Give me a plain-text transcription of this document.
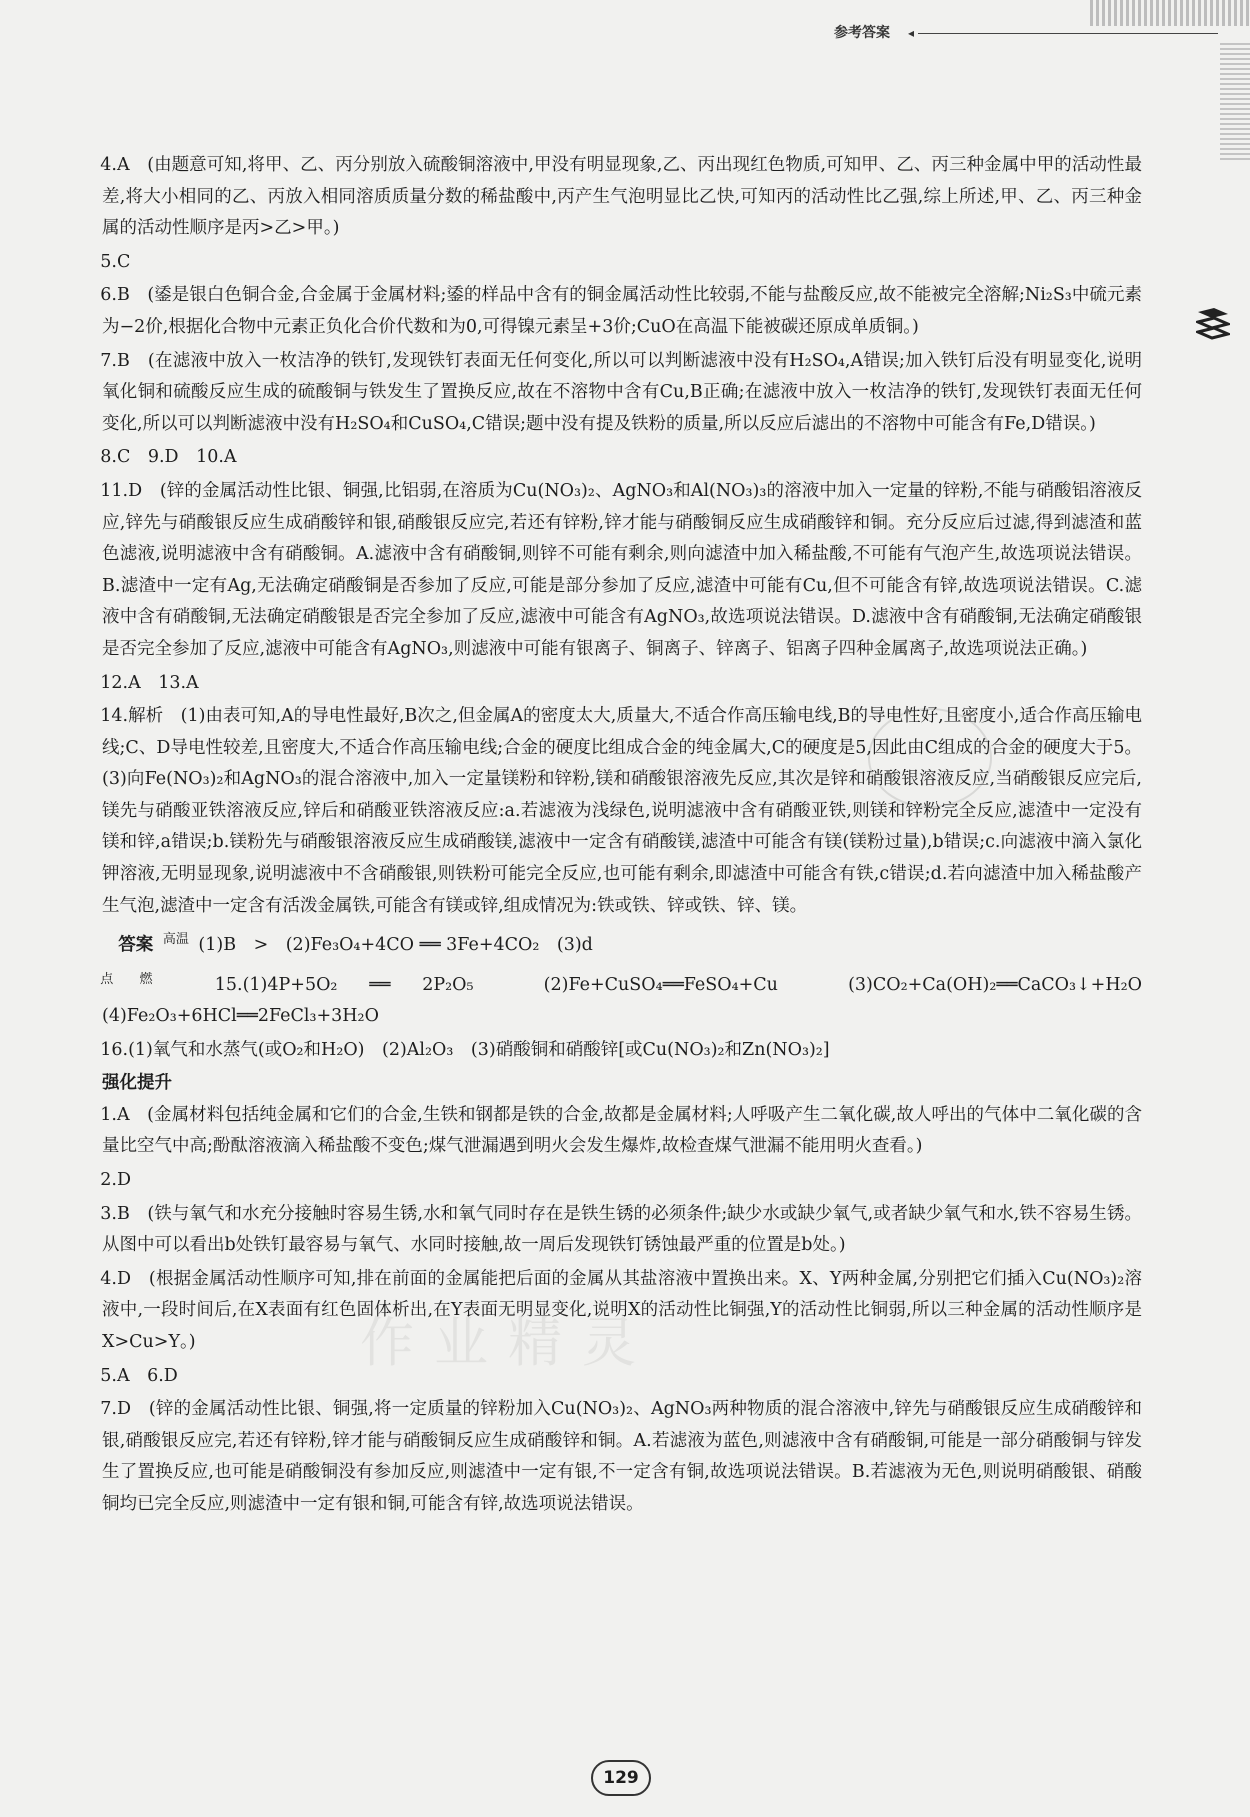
参考答案 ◂

4.A　(由题意可知,将甲、乙、丙分别放入硫酸铜溶液中,甲没有明显现象,乙、丙出现红色物质,可知甲、乙、丙三种金属中甲的活动性最差,将大小相同的乙、丙放入相同溶质质量分数的稀盐酸中,丙产生气泡明显比乙快,可知丙的活动性比乙强,综上所述,甲、乙、丙三种金属的活动性顺序是丙>乙>甲。)

5.C

6.B　(鋈是银白色铜合金,合金属于金属材料;鋈的样品中含有的铜金属活动性比较弱,不能与盐酸反应,故不能被完全溶解;Ni₂S₃中硫元素为−2价,根据化合物中元素正负化合价代数和为0,可得镍元素呈+3价;CuO在高温下能被碳还原成单质铜。)

7.B　(在滤液中放入一枚洁净的铁钉,发现铁钉表面无任何变化,所以可以判断滤液中没有H₂SO₄,A错误;加入铁钉后没有明显变化,说明氧化铜和硫酸反应生成的硫酸铜与铁发生了置换反应,故在不溶物中含有Cu,B正确;在滤液中放入一枚洁净的铁钉,发现铁钉表面无任何变化,所以可以判断滤液中没有H₂SO₄和CuSO₄,C错误;题中没有提及铁粉的质量,所以反应后滤出的不溶物中可能含有Fe,D错误。)

8.C　9.D　10.A

11.D　(锌的金属活动性比银、铜强,比铝弱,在溶质为Cu(NO₃)₂、AgNO₃和Al(NO₃)₃的溶液中加入一定量的锌粉,不能与硝酸铝溶液反应,锌先与硝酸银反应生成硝酸锌和银,硝酸银反应完,若还有锌粉,锌才能与硝酸铜反应生成硝酸锌和铜。充分反应后过滤,得到滤渣和蓝色滤液,说明滤液中含有硝酸铜。A.滤液中含有硝酸铜,则锌不可能有剩余,则向滤渣中加入稀盐酸,不可能有气泡产生,故选项说法错误。B.滤渣中一定有Ag,无法确定硝酸铜是否参加了反应,可能是部分参加了反应,滤渣中可能有Cu,但不可能含有锌,故选项说法错误。C.滤液中含有硝酸铜,无法确定硝酸银是否完全参加了反应,滤液中可能含有AgNO₃,故选项说法错误。D.滤液中含有硝酸铜,无法确定硝酸银是否完全参加了反应,滤液中可能含有AgNO₃,则滤液中可能有银离子、铜离子、锌离子、铝离子四种金属离子,故选项说法正确。)

12.A　13.A

14.解析　(1)由表可知,A的导电性最好,B次之,但金属A的密度太大,质量大,不适合作高压输电线,B的导电性好,且密度小,适合作高压输电线;C、D导电性较差,且密度大,不适合作高压输电线;合金的硬度比组成合金的纯金属大,C的硬度是5,因此由C组成的合金的硬度大于5。(3)向Fe(NO₃)₂和AgNO₃的混合溶液中,加入一定量镁粉和锌粉,镁和硝酸银溶液先反应,其次是锌和硝酸银溶液反应,当硝酸银反应完后,镁先与硝酸亚铁溶液反应,锌后和硝酸亚铁溶液反应:a.若滤液为浅绿色,说明滤液中含有硝酸亚铁,则镁和锌粉完全反应,滤渣中一定没有镁和锌,a错误;b.镁粉先与硝酸银溶液反应生成硝酸镁,滤液中一定含有硝酸镁,滤渣中可能含有镁(镁粉过量),b错误;c.向滤液中滴入氯化钾溶液,无明显现象,说明滤液中不含硝酸银,则铁粉可能完全反应,也可能有剩余,即滤渣中可能含有铁,c错误;d.若向滤渣中加入稀盐酸产生气泡,滤渣中一定含有活泼金属铁,可能含有镁或锌,组成情况为:铁或铁、锌或铁、锌、镁。

答案 $^{高温}$ (1)B　>　(2)Fe₃O₄+4CO ══ 3Fe+4CO₂　(3)d

$^{点燃}$ 15.(1)4P+5O₂ ══ 2P₂O₅　(2)Fe+CuSO₄══FeSO₄+Cu　(3)CO₂+Ca(OH)₂══CaCO₃↓+H₂O　(4)Fe₂O₃+6HCl══2FeCl₃+3H₂O

16.(1)氧气和水蒸气(或O₂和H₂O)　(2)Al₂O₃　(3)硝酸铜和硝酸锌[或Cu(NO₃)₂和Zn(NO₃)₂]

强化提升

1.A　(金属材料包括纯金属和它们的合金,生铁和钢都是铁的合金,故都是金属材料;人呼吸产生二氧化碳,故人呼出的气体中二氧化碳的含量比空气中高;酚酞溶液滴入稀盐酸不变色;煤气泄漏遇到明火会发生爆炸,故检查煤气泄漏不能用明火查看。)

2.D

3.B　(铁与氧气和水充分接触时容易生锈,水和氧气同时存在是铁生锈的必须条件;缺少水或缺少氧气,或者缺少氧气和水,铁不容易生锈。从图中可以看出b处铁钉最容易与氧气、水同时接触,故一周后发现铁钉锈蚀最严重的位置是b处。)

4.D　(根据金属活动性顺序可知,排在前面的金属能把后面的金属从其盐溶液中置换出来。X、Y两种金属,分别把它们插入Cu(NO₃)₂溶液中,一段时间后,在X表面有红色固体析出,在Y表面无明显变化,说明X的活动性比铜强,Y的活动性比铜弱,所以三种金属的活动性顺序是X>Cu>Y。)

5.A　6.D

7.D　(锌的金属活动性比银、铜强,将一定质量的锌粉加入Cu(NO₃)₂、AgNO₃两种物质的混合溶液中,锌先与硝酸银反应生成硝酸锌和银,硝酸银反应完,若还有锌粉,锌才能与硝酸铜反应生成硝酸锌和铜。A.若滤液为蓝色,则滤液中含有硝酸铜,可能是一部分硝酸铜与锌发生了置换反应,也可能是硝酸铜没有参加反应,则滤渣中一定有银,不一定含有铜,故选项说法错误。B.若滤液为无色,则说明硝酸银、硝酸铜均已完全反应,则滤渣中一定有银和铜,可能含有锌,故选项说法错误。

作业精灵
129
